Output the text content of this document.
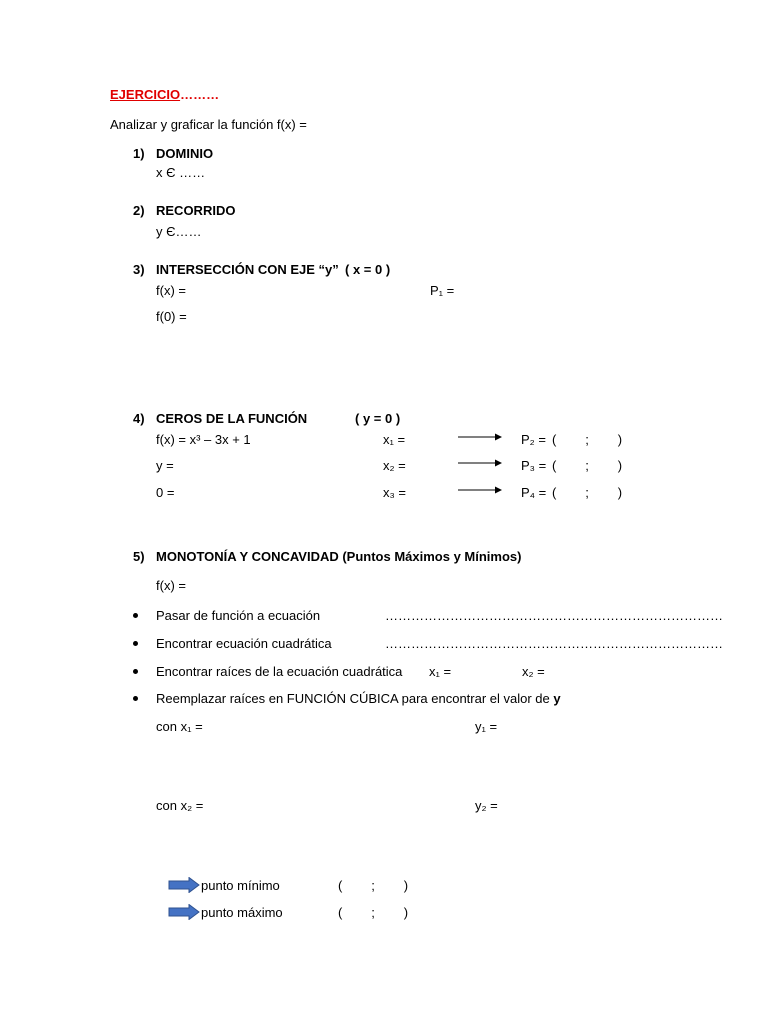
EJERCICIO………
Analizar y graficar la función f(x) =
1) DOMINIO
x Є ……
2) RECORRIDO
y Є……
3) INTERSECCIÓN CON EJE “y” ( x = 0 )
f(x) =	P₁ =
f(0) =
4) CEROS DE LA FUNCIÓN	( y = 0 )
f(x) = x³ – 3x + 1	x₁ =	P₂ = (        ;        )
y =	x₂ =	P₃ = (        ;        )
0 =	x₃ =	P₄ = (        ;        )
5) MONOTONÍA Y CONCAVIDAD (Puntos Máximos y Mínimos)
f(x) =
Pasar de función a ecuación	……………………………………………………………………
Encontrar ecuación cuadrática	……………………………………………………………………
Encontrar raíces de la ecuación cuadrática x₁ =	x₂ =
Reemplazar raíces en FUNCIÓN CÚBICA para encontrar el valor de y
con x₁ =	y₁ =
con x₂ =	y₂ =
punto mínimo	(        ;        )
punto máximo	(        ;        )
